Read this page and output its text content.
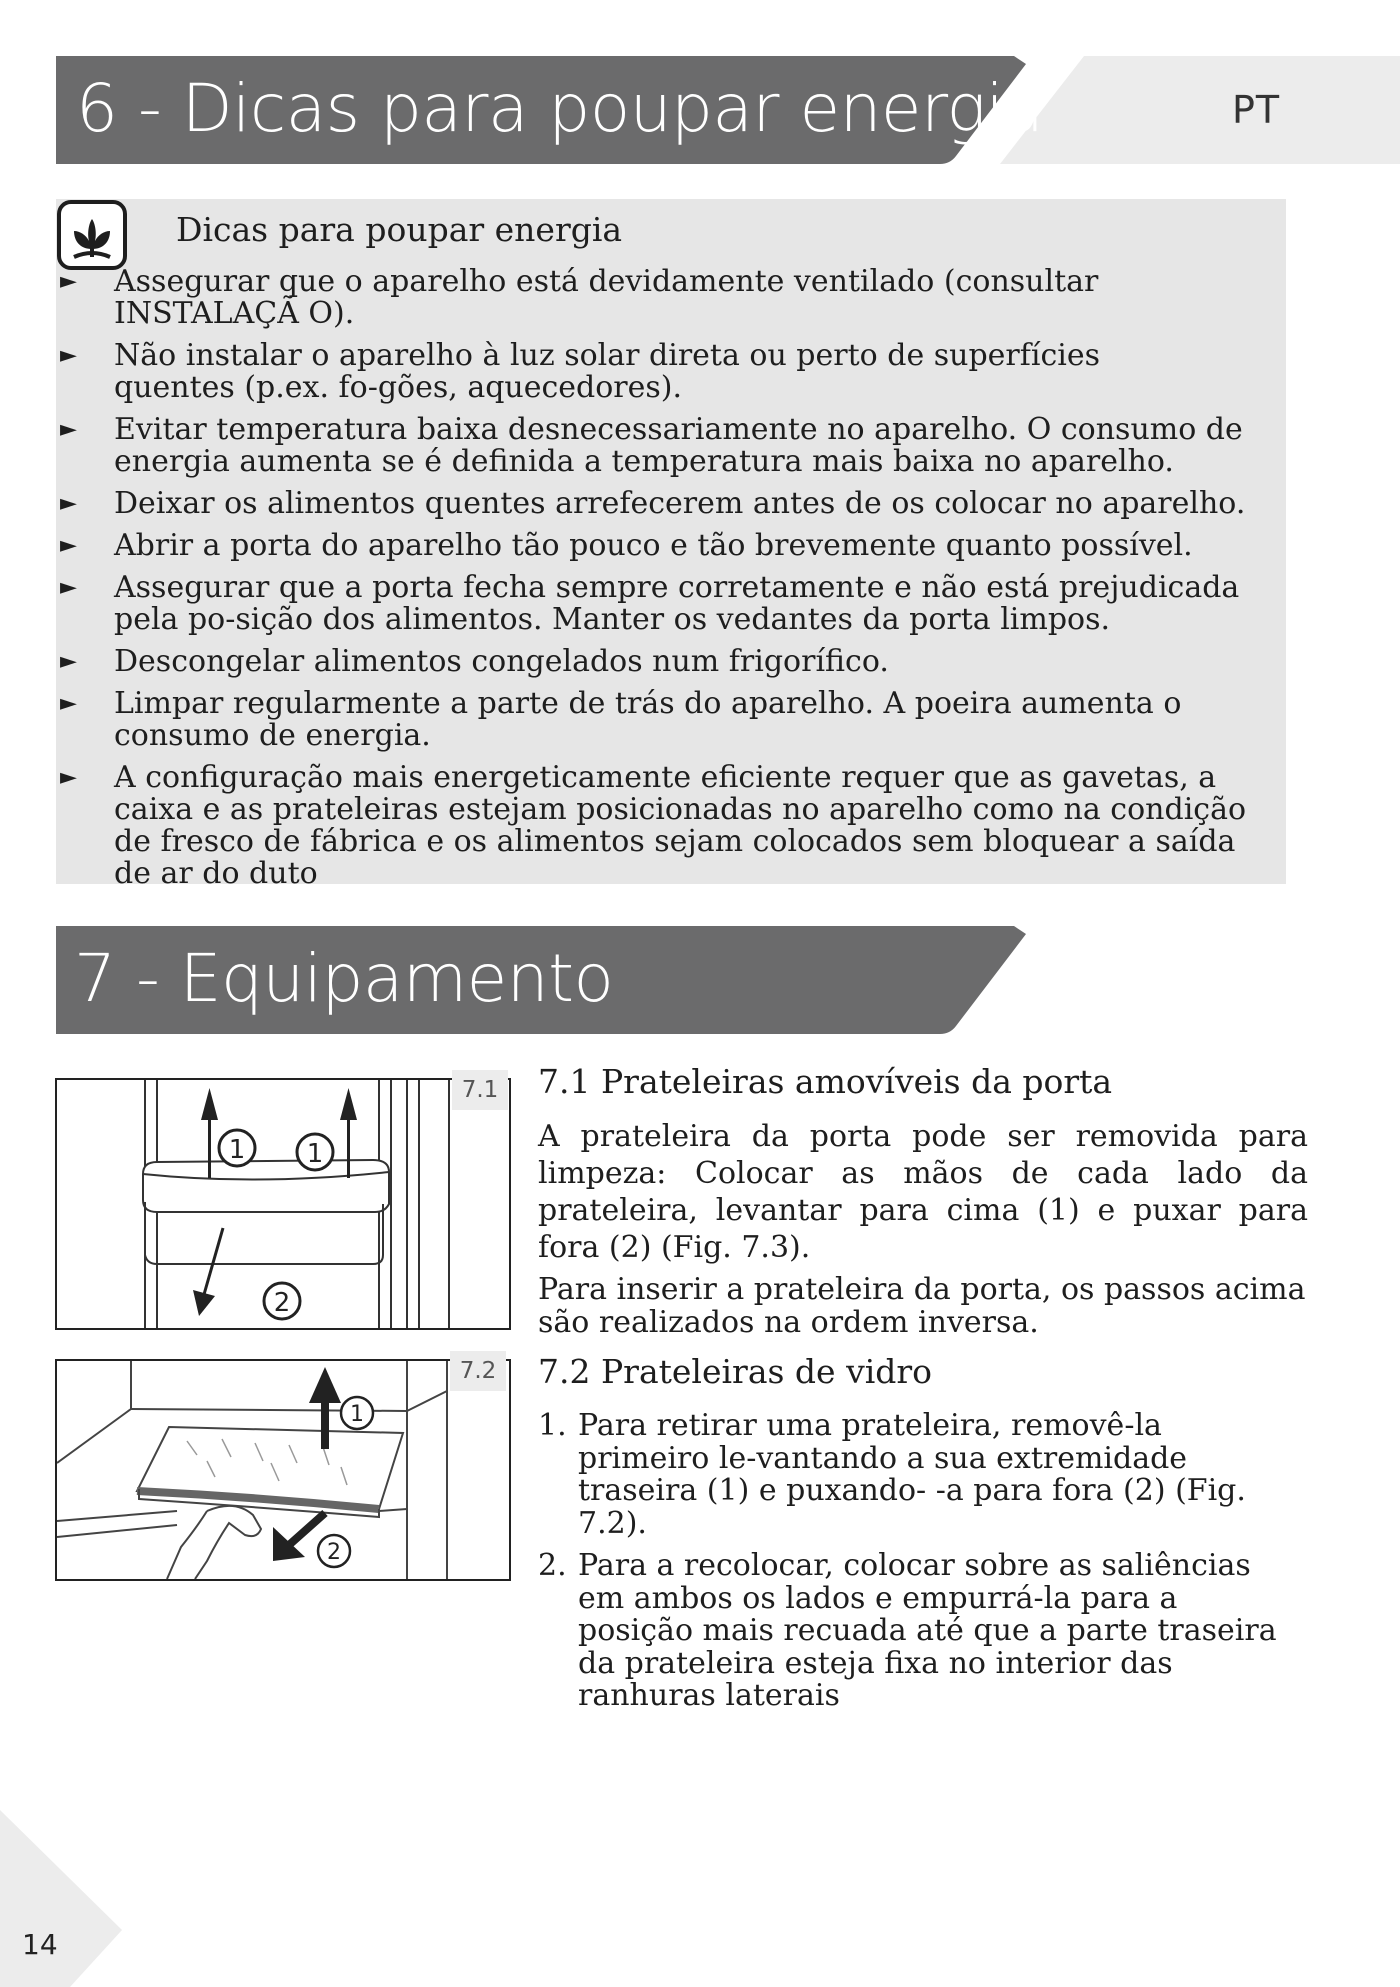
PT
6 - Dicas para poupar energia
Dicas para poupar energia
► Assegurar que o aparelho está devidamente ventilado (consultar INSTALAÇÃ O).
► Não instalar o aparelho à luz solar direta ou perto de superfícies quentes (p.ex. fo-gões, aquecedores).
► Evitar temperatura baixa desnecessariamente no aparelho. O consumo de energia aumenta se é definida a temperatura mais baixa no aparelho.
► Deixar os alimentos quentes arrefecerem antes de os colocar no aparelho.
► Abrir a porta do aparelho tão pouco e tão brevemente quanto possível.
► Assegurar que a porta fecha sempre corretamente e não está prejudicada pela po-sição dos alimentos. Manter os vedantes da porta limpos.
► Descongelar alimentos congelados num frigorífico.
► Limpar regularmente a parte de trás do aparelho. A poeira aumenta o consumo de energia.
► A configuração mais energeticamente eficiente requer que as gavetas, a caixa e as prateleiras estejam posicionadas no aparelho como na condição de fresco de fábrica e os alimentos sejam colocados sem bloquear a saída de ar do duto
7 - Equipamento
1 1
2
7.1
1
2
7.2
7.1 Prateleiras amovíveis da porta

A prateleira da porta pode ser removida para limpeza: Colocar as mãos de cada lado da prateleira, levantar para cima (1) e puxar para fora (2) (Fig. 7.3).

Para inserir a prateleira da porta, os passos acima são realizados na ordem inversa.

7.2 Prateleiras de vidro
1. Para retirar uma prateleira, removê-la primeiro le-vantando a sua extremidade traseira (1) e puxando- -a para fora (2) (Fig. 7.2).
2. Para a recolocar, colocar sobre as saliências em ambos os lados e empurrá-la para a posição mais recuada até que a parte traseira da prateleira esteja fixa no interior das ranhuras laterais
14
